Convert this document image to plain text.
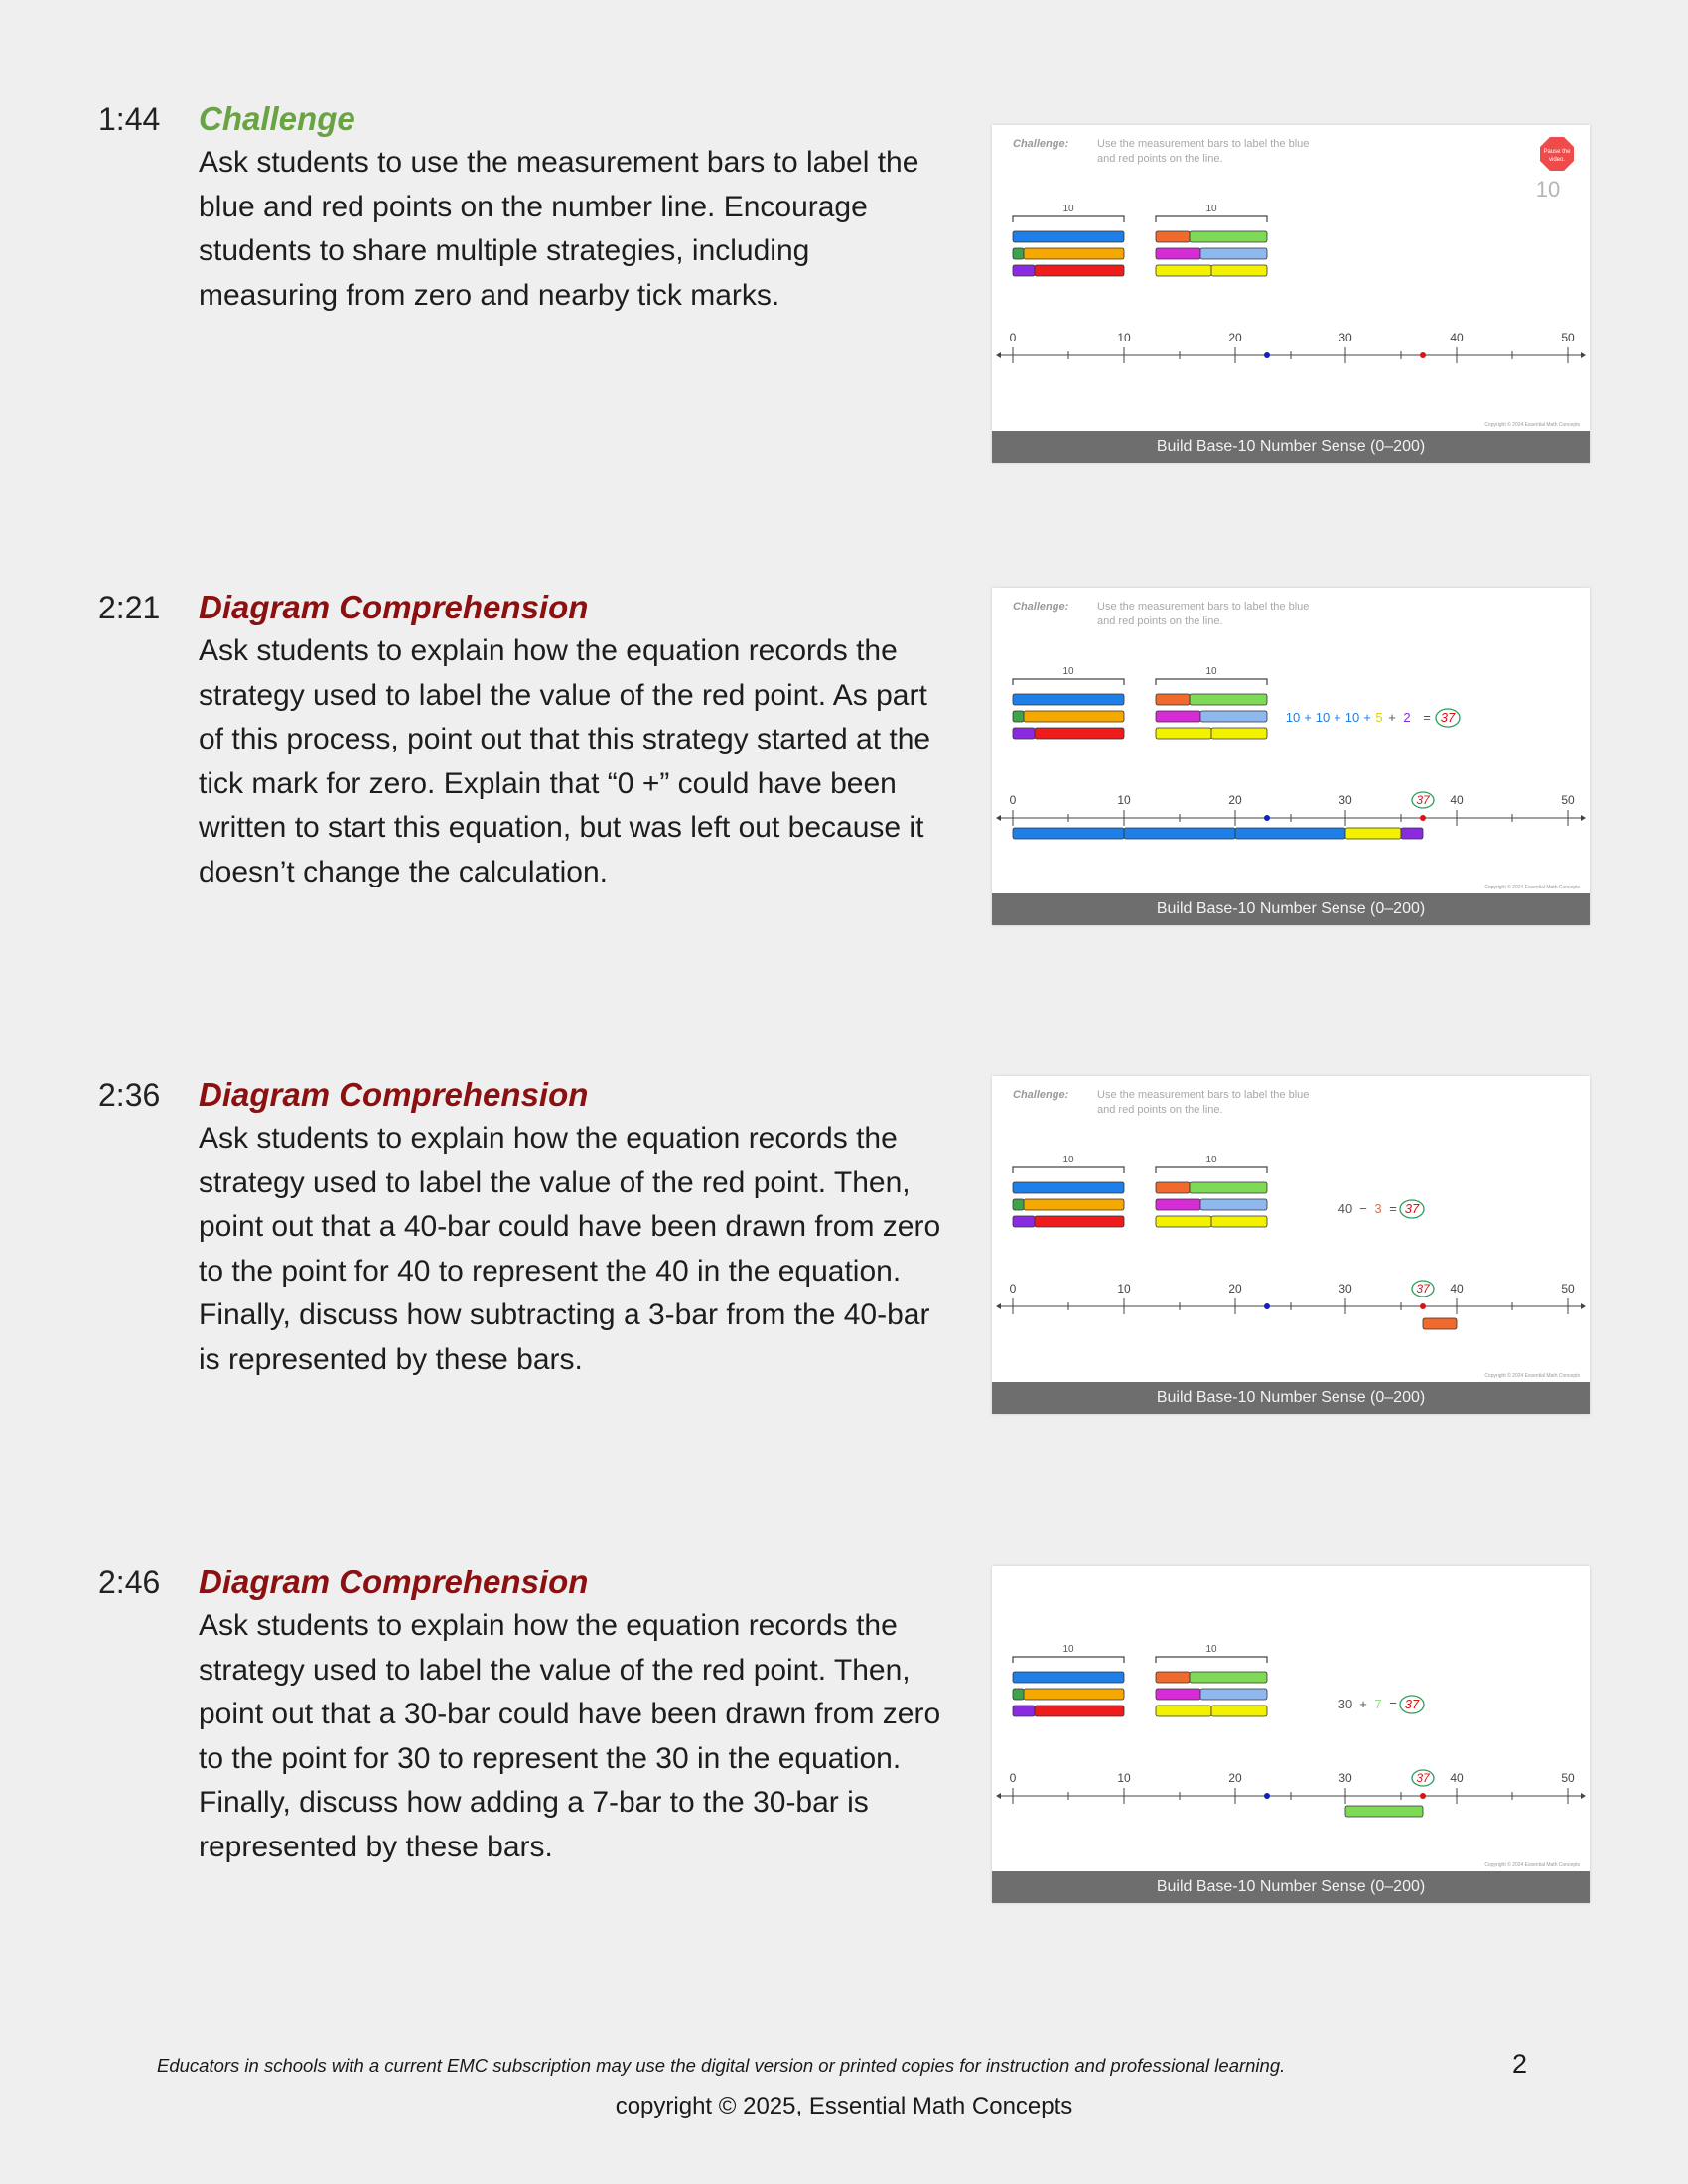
1:44 Challenge

Ask students to use the measurement bars to label the blue and red points on the number line. Encourage students to share multiple strategies, including measuring from zero and nearby tick marks.

Challenge:	Use the measurement bars to label the blue
and red points on the line.
Pause the
video.
10
10	10
0	10	20	30	40	50
Copyright © 2024 Essential Math Concepts
Build Base-10 Number Sense (0–200)
2:21 Diagram Comprehension

Ask students to explain how the equation records the strategy used to label the value of the red point. As part of this process, point out that this strategy started at the tick mark for zero. Explain that “0 +” could have been written to start this equation, but was left out because it doesn’t change the calculation.

Challenge:	Use the measurement bars to label the blue
and red points on the line.
10	10
10 + 10 + 10 + 5 + 2 = 37
0	10	20	30	40	50
37
Copyright © 2024 Essential Math Concepts
Build Base-10 Number Sense (0–200)
2:36 Diagram Comprehension

Ask students to explain how the equation records the strategy used to label the value of the red point. Then, point out that a 40-bar could have been drawn from zero to the point for 40 to represent the 40 in the equation. Finally, discuss how subtracting a 3-bar from the 40-bar is represented by these bars.

Challenge:	Use the measurement bars to label the blue
and red points on the line.
10	10
40 − 3 = 37
0	10	20	30	40	50
37
Copyright © 2024 Essential Math Concepts
Build Base-10 Number Sense (0–200)
2:46 Diagram Comprehension

Ask students to explain how the equation records the strategy used to label the value of the red point. Then, point out that a 30-bar could have been drawn from zero to the point for 30 to represent the 30 in the equation. Finally, discuss how adding a 7-bar to the 30-bar is represented by these bars.

10	10
30 + 7 = 37
0	10	20	30	40	50
37
Copyright © 2024 Essential Math Concepts
Build Base-10 Number Sense (0–200)
Educators in schools with a current EMC subscription may use the digital version or printed copies for instruction and professional learning.	2
copyright © 2025, Essential Math Concepts
